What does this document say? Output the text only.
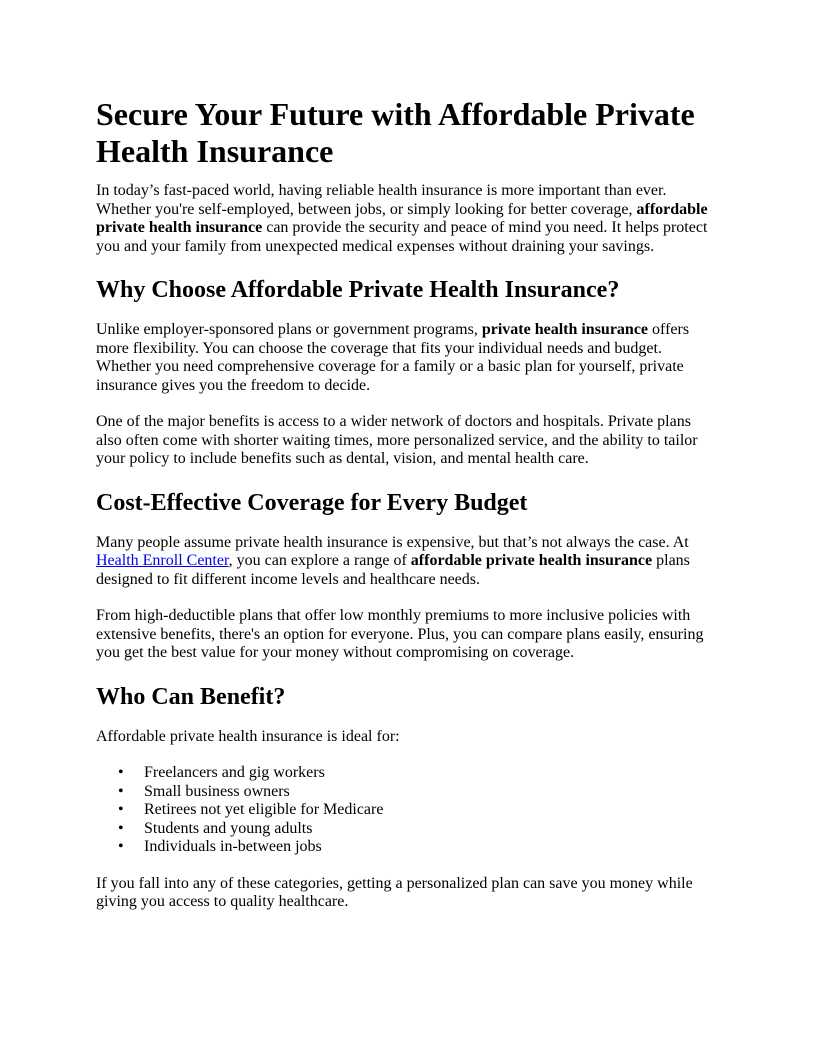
Secure Your Future with Affordable Private
Health Insurance

In today’s fast-paced world, having reliable health insurance is more important than ever. Whether you're self-employed, between jobs, or simply looking for better coverage, affordable private health insurance can provide the security and peace of mind you need. It helps protect you and your family from unexpected medical expenses without draining your savings.

Why Choose Affordable Private Health Insurance?

Unlike employer-sponsored plans or government programs, private health insurance offers more flexibility. You can choose the coverage that fits your individual needs and budget. Whether you need comprehensive coverage for a family or a basic plan for yourself, private insurance gives you the freedom to decide.

One of the major benefits is access to a wider network of doctors and hospitals. Private plans also often come with shorter waiting times, more personalized service, and the ability to tailor your policy to include benefits such as dental, vision, and mental health care.

Cost-Effective Coverage for Every Budget

Many people assume private health insurance is expensive, but that’s not always the case. At Health Enroll Center, you can explore a range of affordable private health insurance plans designed to fit different income levels and healthcare needs.

From high-deductible plans that offer low monthly premiums to more inclusive policies with extensive benefits, there's an option for everyone. Plus, you can compare plans easily, ensuring you get the best value for your money without compromising on coverage.

Who Can Benefit?

Affordable private health insurance is ideal for:

• Freelancers and gig workers
• Small business owners
• Retirees not yet eligible for Medicare
• Students and young adults
• Individuals in-between jobs

If you fall into any of these categories, getting a personalized plan can save you money while giving you access to quality healthcare.
